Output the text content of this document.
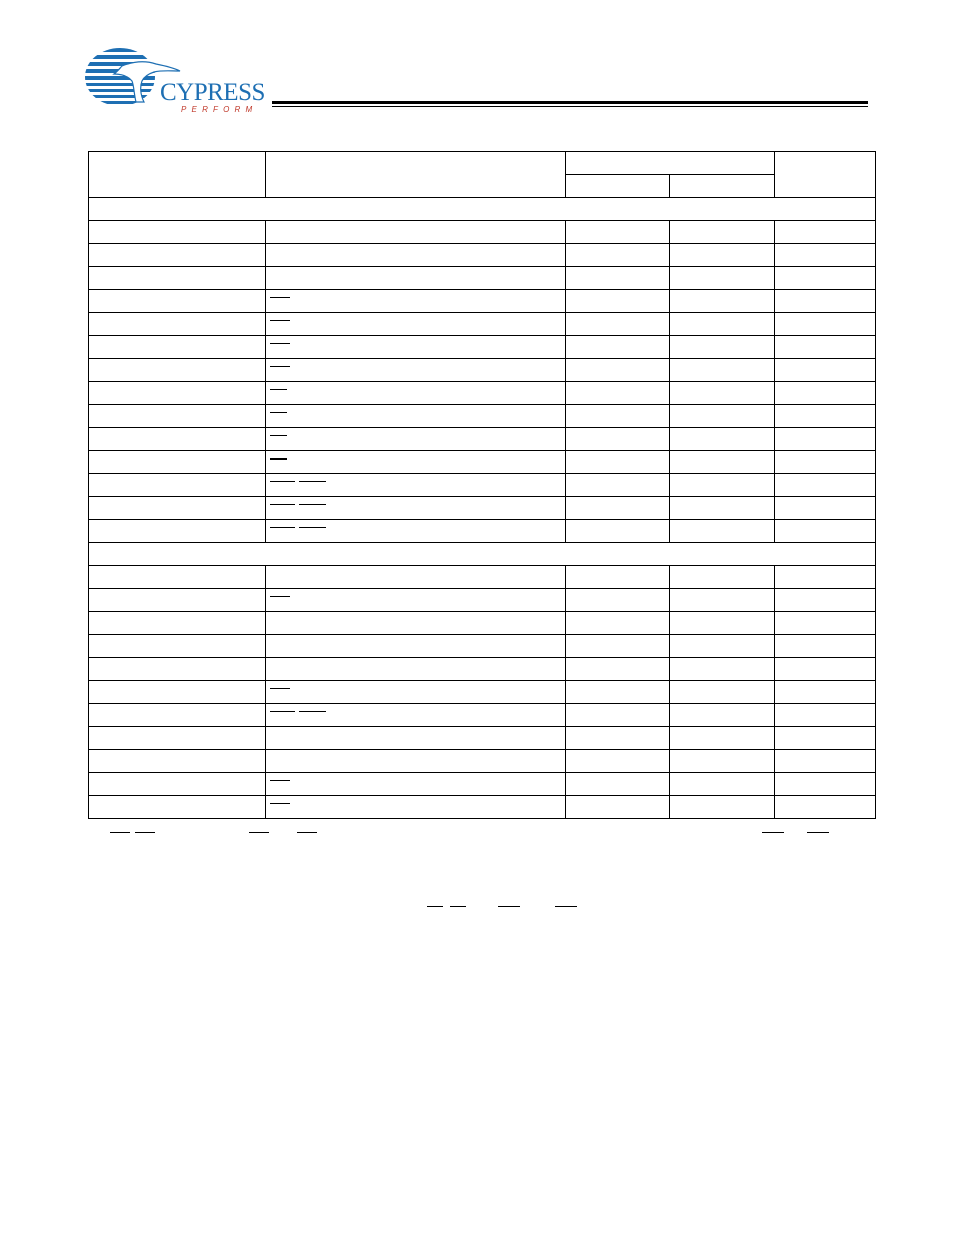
CYPRESS
PERFORM
